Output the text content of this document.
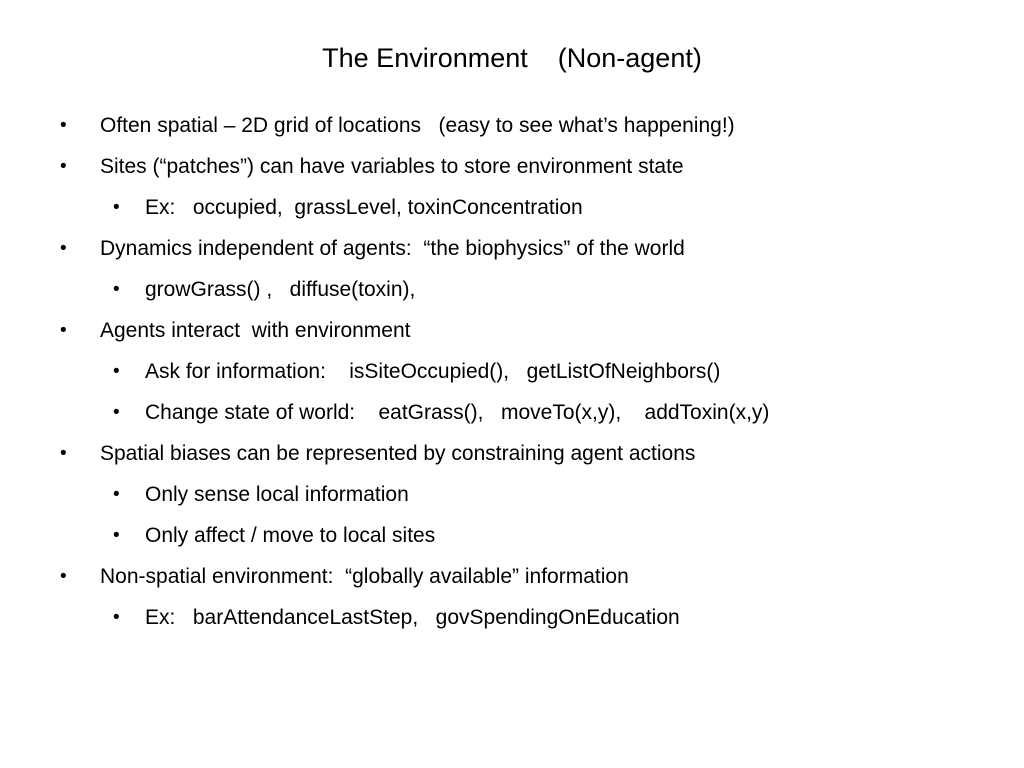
The Environment    (Non-agent)
• Often spatial – 2D grid of locations   (easy to see what’s happening!)
• Sites (“patches”) can have variables to store environment state
• Ex:   occupied,  grassLevel, toxinConcentration
• Dynamics independent of agents:  “the biophysics” of the world
• growGrass() ,   diffuse(toxin),
• Agents interact  with environment
• Ask for information:    isSiteOccupied(),   getListOfNeighbors()
• Change state of world:    eatGrass(),   moveTo(x,y),    addToxin(x,y)
• Spatial biases can be represented by constraining agent actions
• Only sense local information
• Only affect / move to local sites
• Non-spatial environment:  “globally available” information
• Ex:   barAttendanceLastStep,   govSpendingOnEducation
